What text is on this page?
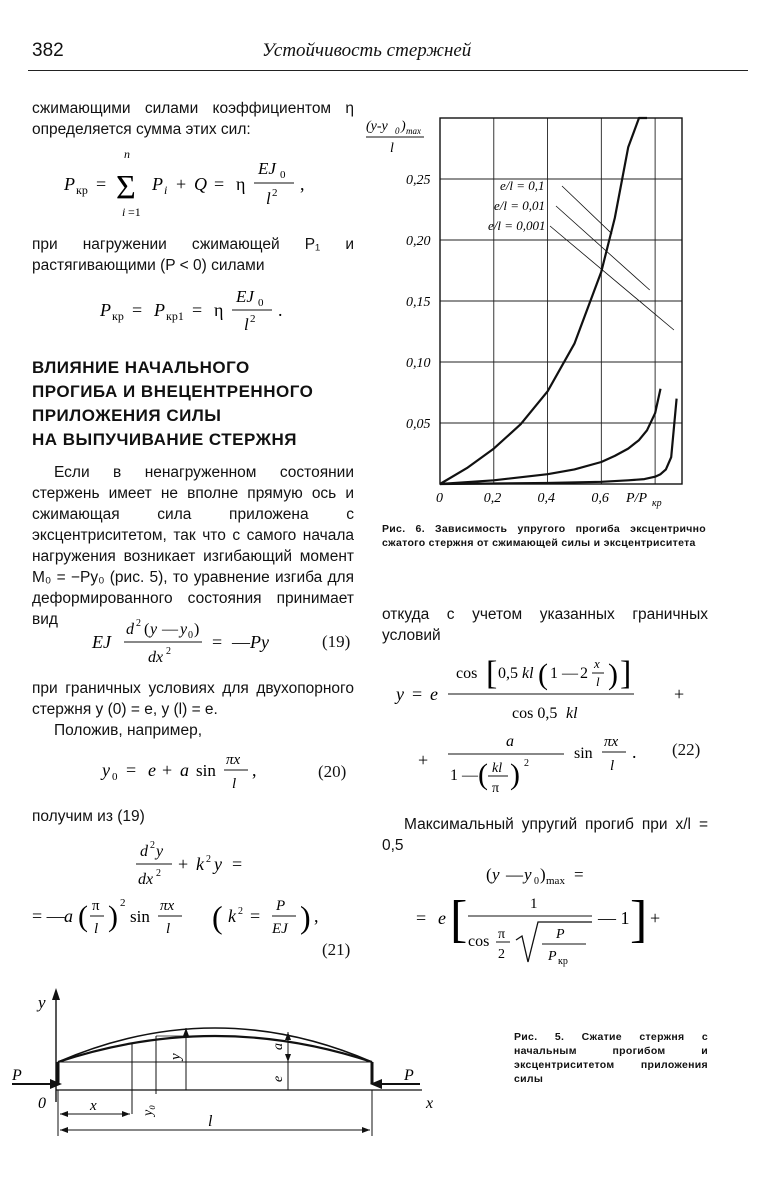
382	Устойчивость стержней
сжимающими силами коэффициентом η определяется сумма этих сил:
P кр =
n
Σ
i =1
P i + Q = η
EJ 0
l 2 ,
при нагружении сжимающей P₁ и растягивающими (P < 0) силами
P кр = P кр1 = η
EJ 0
l 2 .
ВЛИЯНИЕ НАЧАЛЬНОГО
ПРОГИБА И ВНЕЦЕНТРЕННОГО
ПРИЛОЖЕНИЯ СИЛЫ
НА ВЫПУЧИВАНИЕ СТЕРЖНЯ
Если в ненагруженном состоянии стержень имеет не вполне прямую ось и сжимающая сила приложена с эксцентриситетом, так что с самого начала нагружения возникает изгибающий момент M₀ = −Py₀ (рис. 5), то уравнение изгиба для деформированного состояния принимает вид
EJ
d 2 ( y — y 0 )
dx 2 = — Py	(19)
при граничных условиях для двухопорного стержня y (0) = e, y (l) = e.
Положив, например,
y 0 = e + a sin
πx
l
,	(20)
получим из (19)
d 2 y
dx 2 + k 2 y =
= — a ( π
l ) 2
sin
πx
l ( k 2 = P
EJ ) ,
(21)
0	0,2	0,4	0,6
0,05
0,10
0,15
0,20
0,25	e/l = 0,1
e/l = 0,01
e/l = 0,001
(y-y 0 ) max
l
P/P кр
Рис. 6. Зависимость упругого прогиба эксцентрично сжатого стержня от сжимающей силы и эксцентриситета
откуда с учетом указанных граничных условий
y = e
cos [ 0,5 kl ( 1 — 2
x
l ) ]
cos 0,5 kl
+
+
a
1 — ( kl
π ) 2
sin
πx
l
. (22)
Максимальный упругий прогиб при x/l = 0,5
( y — y 0 ) max =
= e [	1
cos π
2
P
P кр
— 1 ] +
y
x
P	P
0	x
l
y₀
y
e
a
Рис. 5. Сжатие стержня с начальным прогибом и эксцентриситетом приложения силы
